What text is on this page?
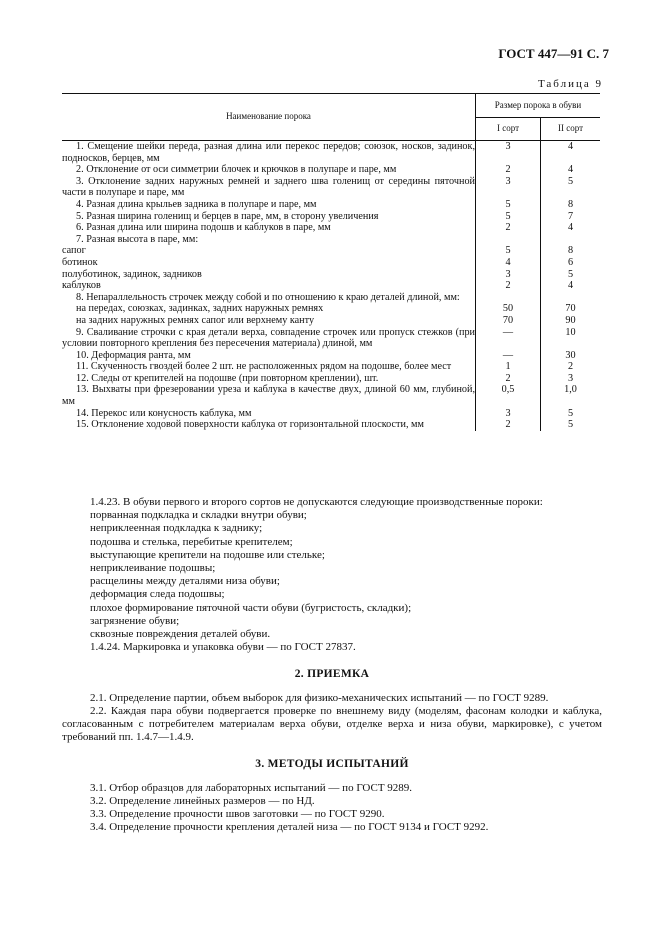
ГОСТ 447—91 С. 7
Таблица 9
Наименование порока	Размер порока в обуви	
	I сорт	II сорт
1. Смещение шейки переда, разная длина или перекос передов; союзок, носков, задинок, подносков, берцев, мм	3	4
2. Отклонение от оси симметрии блочек и крючков в полупаре и паре, мм	2	4
3. Отклонение задних наружных ремней и заднего шва голенищ от середины пяточной части в полупаре и паре, мм	3	5
4. Разная длина крыльев задника в полупаре и паре, мм	5	8
5. Разная ширина голенищ и берцев в паре, мм, в сторону увеличения	5	7
6. Разная длина или ширина подошв и каблуков в паре, мм	2	4
7. Разная высота в паре, мм:		
сапог	5	8
ботинок	4	6
полуботинок, задинок, задников	3	5
каблуков	2	4
8. Непараллельность строчек между собой и по отношению к краю деталей длиной, мм:		
на передах, союзках, задинках, задних наружных ремнях	50	70
на задних наружных ремнях сапог или верхнему канту	70	90
9. Сваливание строчки с края детали верха, совпадение строчек или пропуск стежков (при условии повторного крепления без пересечения материала) длиной, мм	—	10
10. Деформация ранта, мм	—	30
11. Скученность гвоздей более 2 шт. не расположенных рядом на подошве, более мест	1	2
12. Следы от крепителей на подошве (при повторном креплении), шт.	2	3
13. Выхваты при фрезеровании уреза и каблука в качестве двух, длиной 60 мм, глубиной, мм	0,5	1,0
14. Перекос или конусность каблука, мм	3	5
15. Отклонение ходовой поверхности каблука от горизонтальной плоскости, мм	2	5

1.4.23. В обуви первого и второго сортов не допускаются следующие производственные пороки:

порванная подкладка и складки внутри обуви;

неприклеенная подкладка к заднику;

подошва и стелька, перебитые крепителем;

выступающие крепители на подошве или стельке;

неприклеивание подошвы;

расщелины между деталями низа обуви;

деформация следа подошвы;

плохое формирование пяточной части обуви (бугристость, складки);

загрязнение обуви;

сквозные повреждения деталей обуви.

1.4.24. Маркировка и упаковка обуви — по ГОСТ 27837.

2. ПРИЕМКА

2.1. Определение партии, объем выборок для физико-механических испытаний — по ГОСТ 9289.

2.2. Каждая пара обуви подвергается проверке по внешнему виду (моделям, фасонам колодки и каблука, согласованным с потребителем материалам верха обуви, отделке верха и низа обуви, маркировке), с учетом требований пп. 1.4.7—1.4.9.

3. МЕТОДЫ ИСПЫТАНИЙ

3.1. Отбор образцов для лабораторных испытаний — по ГОСТ 9289.

3.2. Определение линейных размеров — по НД.

3.3. Определение прочности швов заготовки — по ГОСТ 9290.

3.4. Определение прочности крепления деталей низа — по ГОСТ 9134 и ГОСТ 9292.
